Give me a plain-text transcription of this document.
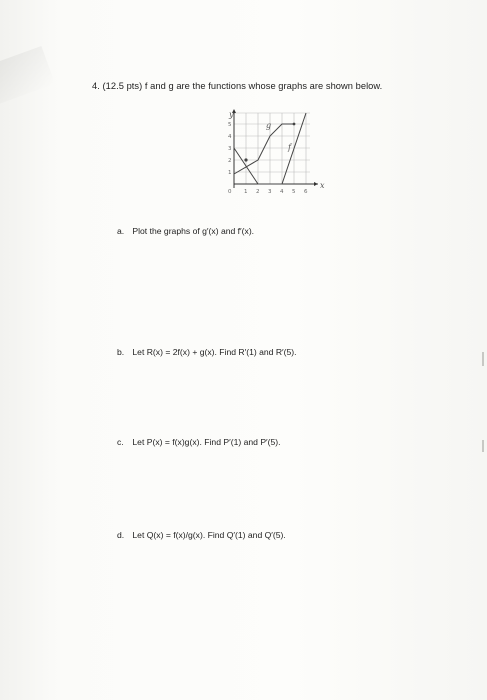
4. (12.5 pts) f and g are the functions whose graphs are shown below.
g
f
y
x
0 1 2 3 4 5 6
1
2
3
4
5
a. Plot the graphs of g′(x) and f′(x).
b. Let R(x) = 2f(x) + g(x). Find R′(1) and R′(5).
c. Let P(x) = f(x)g(x). Find P′(1) and P′(5).
d. Let Q(x) = f(x)/g(x). Find Q′(1) and Q′(5).
